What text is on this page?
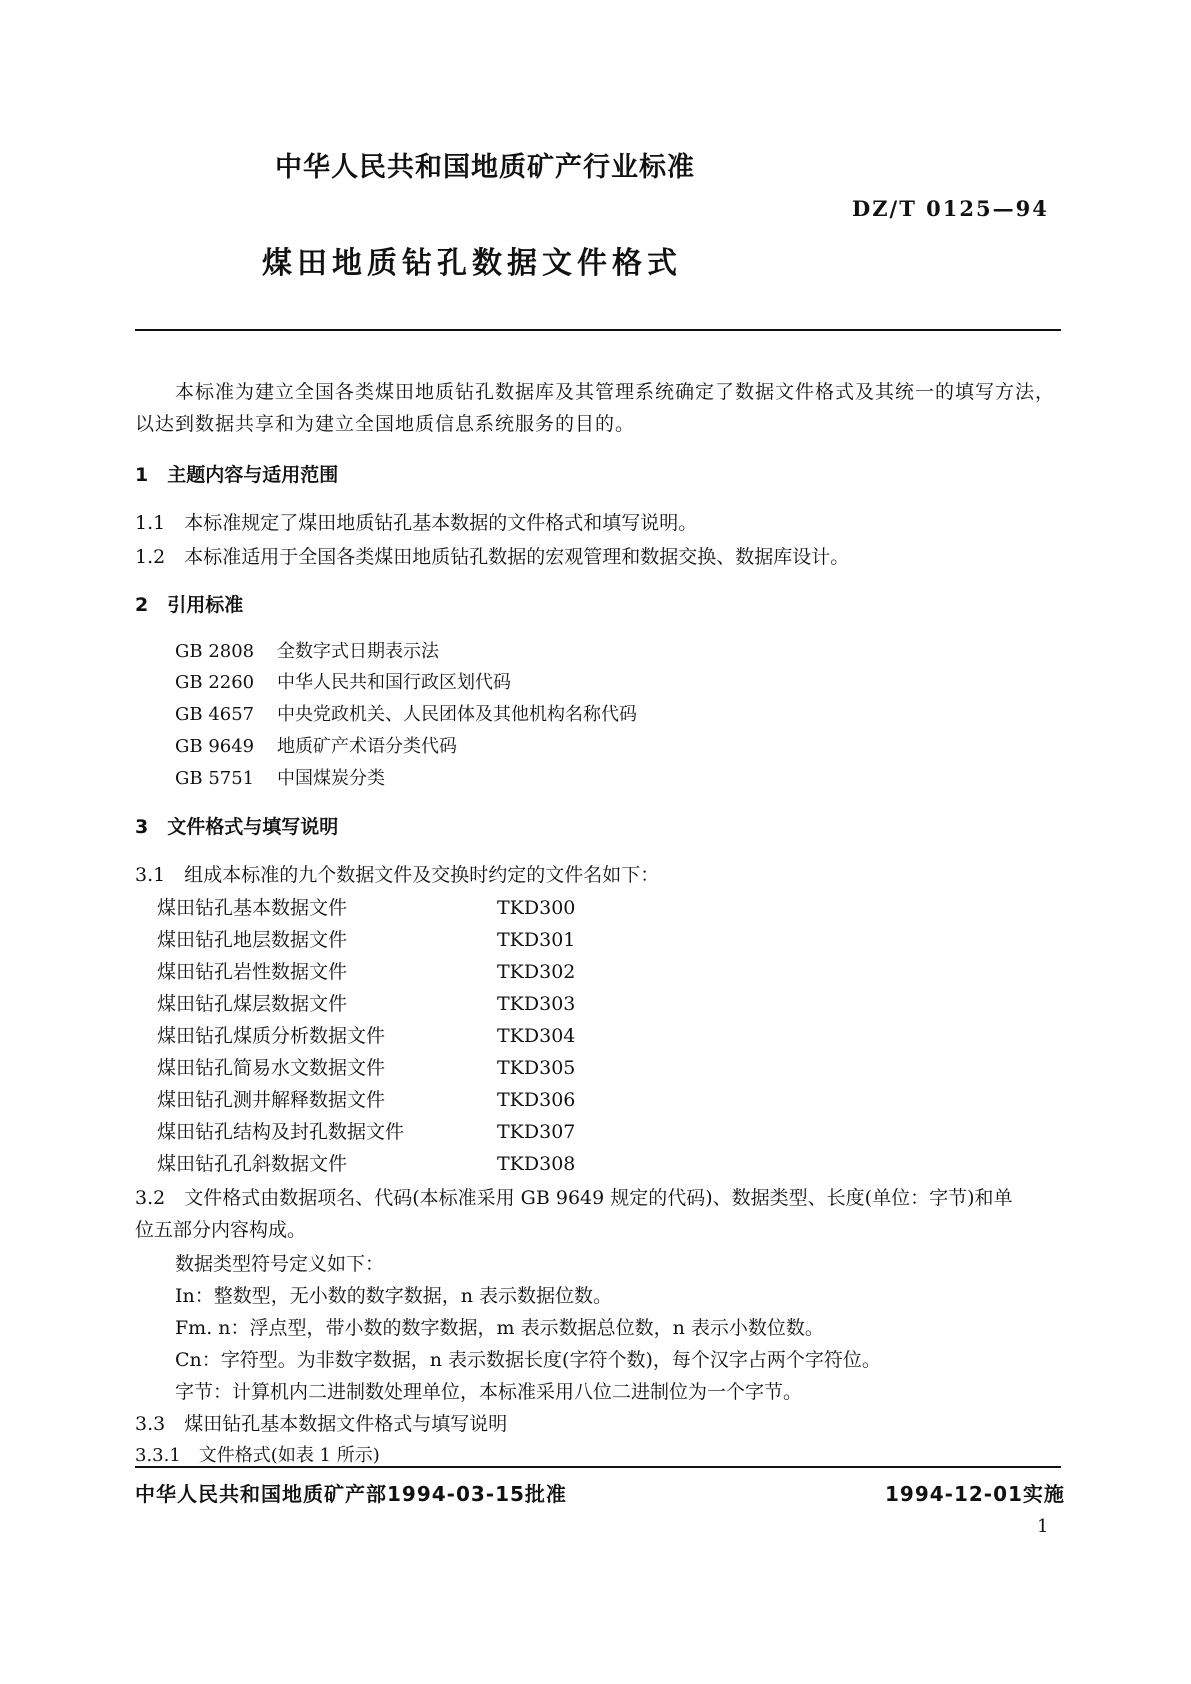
中华人民共和国地质矿产行业标准
DZ/T 0125—94
煤田地质钻孔数据文件格式
本标准为建立全国各类煤田地质钻孔数据库及其管理系统确定了数据文件格式及其统一的填写方法，以达到数据共享和为建立全国地质信息系统服务的目的。
1　主题内容与适用范围
1.1　本标准规定了煤田地质钻孔基本数据的文件格式和填写说明。
1.2　本标准适用于全国各类煤田地质钻孔数据的宏观管理和数据交换、数据库设计。
2　引用标准
GB 2808 全数字式日期表示法
GB 2260 中华人民共和国行政区划代码
GB 4657 中央党政机关、人民团体及其他机构名称代码
GB 9649 地质矿产术语分类代码
GB 5751 中国煤炭分类
3　文件格式与填写说明
3.1　组成本标准的九个数据文件及交换时约定的文件名如下：
煤田钻孔基本数据文件	TKD300
煤田钻孔地层数据文件	TKD301
煤田钻孔岩性数据文件	TKD302
煤田钻孔煤层数据文件	TKD303
煤田钻孔煤质分析数据文件	TKD304
煤田钻孔简易水文数据文件	TKD305
煤田钻孔测井解释数据文件	TKD306
煤田钻孔结构及封孔数据文件	TKD307
煤田钻孔孔斜数据文件	TKD308
3.2　文件格式由数据项名、代码(本标准采用 GB 9649 规定的代码)、数据类型、长度(单位：字节)和单
位五部分内容构成。
数据类型符号定义如下：
In：整数型，无小数的数字数据，n 表示数据位数。
Fm. n：浮点型，带小数的数字数据，m 表示数据总位数，n 表示小数位数。
Cn：字符型。为非数字数据，n 表示数据长度(字符个数)，每个汉字占两个字符位。
字节：计算机内二进制数处理单位，本标准采用八位二进制位为一个字节。
3.3　煤田钻孔基本数据文件格式与填写说明
3.3.1　文件格式(如表 1 所示)
中华人民共和国地质矿产部1994-03-15批准	1994-12-01实施
1
